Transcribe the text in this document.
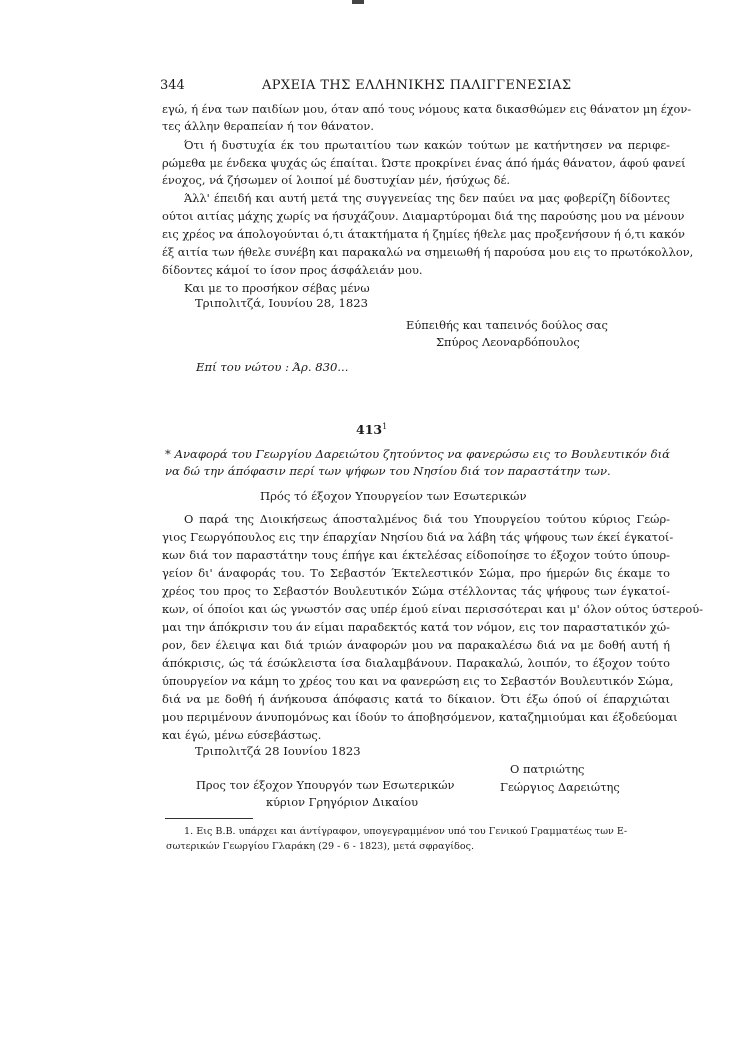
344	ΑΡΧΕΙΑ ΤΗΣ ΕΛΛΗΝΙΚΗΣ ΠΑΛΙΓΓΕΝΕΣΙΑΣ
εγώ, ή ένα των παιδίων μου, όταν από τους νόμους κατα δικασθώμεν εις θάνατον μη έχον-
τες άλλην θεραπείαν ή τον θάνατον.
Ότι ή δυστυχία έκ του πρωταιτίου των κακών τούτων με κατήντησεν να περιφε-
ρώμεθα με ένδεκα ψυχάς ώς έπαίται. Ώστε προκρίνει ένας άπό ήμάς θάνατον, άφού φανεί
ένοχος, νά ζήσωμεν οί λοιποί μέ δυστυχίαν μέν, ήσύχως δέ.
Άλλ' έπειδή και αυτή μετά της συγγενείας της δεν παύει να μας φοβερίζη δίδοντες
ούτοι αιτίας μάχης χωρίς να ήσυχάζουν. Διαμαρτύρομαι διά της παρούσης μου να μένουν
εις χρέος να άπολογούνται ό,τι άτακτήματα ή ζημίες ήθελε μας προξενήσουν ή ό,τι κακόν
έξ αιτία των ήθελε συνέβη και παρακαλώ να σημειωθή ή παρούσα μου εις το πρωτόκολλον,
δίδοντες κάμοί το ίσον προς άσφάλειάν μου.
Και με το προσήκον σέβας μένω
Τριπολιτζά, Ιουνίου 28, 1823
Εύπειθής και ταπεινός δούλος σας
Σπύρος Λεοναρδόπουλος
Επί του νώτου : Άρ. 830...
$413^1$
* Αναφορά του Γεωργίου Δαρειώτου ζητούντος να φανερώσω εις το Βουλευτικόν διά
να δώ την άπόφασιν περί των ψήφων του Νησίου διά τον παραστάτην των.
Πρός τό έξοχον Υπουργείον των Εσωτερικών
Ο παρά της Διοικήσεως άποσταλμένος διά του Υπουργείου τούτου κύριος Γεώρ-
γιος Γεωργόπουλος εις την έπαρχίαν Νησίου διά να λάβη τάς ψήφους των έκεί έγκατοί-
κων διά τον παραστάτην τους έπήγε και έκτελέσας είδοποίησε το έξοχον τούτο ύπουρ-
γείον δι' άναφοράς του. Το Σεβαστόν Έκτελεστικόν Σώμα, προ ήμερών δις έκαμε το
χρέος του προς το Σεβαστόν Βουλευτικόν Σώμα στέλλοντας τάς ψήφους των έγκατοί-
κων, οί όποίοι και ώς γνωστόν σας υπέρ έμού είναι περισσότεραι και μ' όλον ούτος ύστερού-
μαι την άπόκρισιν του άν είμαι παραδεκτός κατά τον νόμον, εις τον παραστατικόν χώ-
ρον, δεν έλειψα και διά τριών άναφορών μου να παρακαλέσω διά να με δοθή αυτή ή
άπόκρισις, ώς τά έσώκλειστα ίσα διαλαμβάνουν. Παρακαλώ, λοιπόν, το έξοχον τούτο
ύπουργείον να κάμη το χρέος του και να φανερώση εις το Σεβαστόν Βουλευτικόν Σώμα,
διά να με δοθή ή άνήκουσα άπόφασις κατά το δίκαιον. Ότι έξω όπού οί έπαρχιώται
μου περιμένουν άνυπομόνως και ίδούν το άποβησόμενον, καταζημιούμαι και έξοδεύομαι
και έγώ, μένω εύσεβάστως.
Τριπολιτζά 28 Ιουνίου 1823
Ο πατριώτης
Γεώργιος Δαρειώτης
Προς τον έξοχον Υπουργόν των Εσωτερικών
κύριον Γρηγόριον Δικαίου
1. Εις Β.Β. υπάρχει και άντίγραφον, υπογεγραμμένον υπό του Γενικού Γραμματέως των Ε-
σωτερικών Γεωργίου Γλαράκη (29 - 6 - 1823), μετά σφραγίδος.
